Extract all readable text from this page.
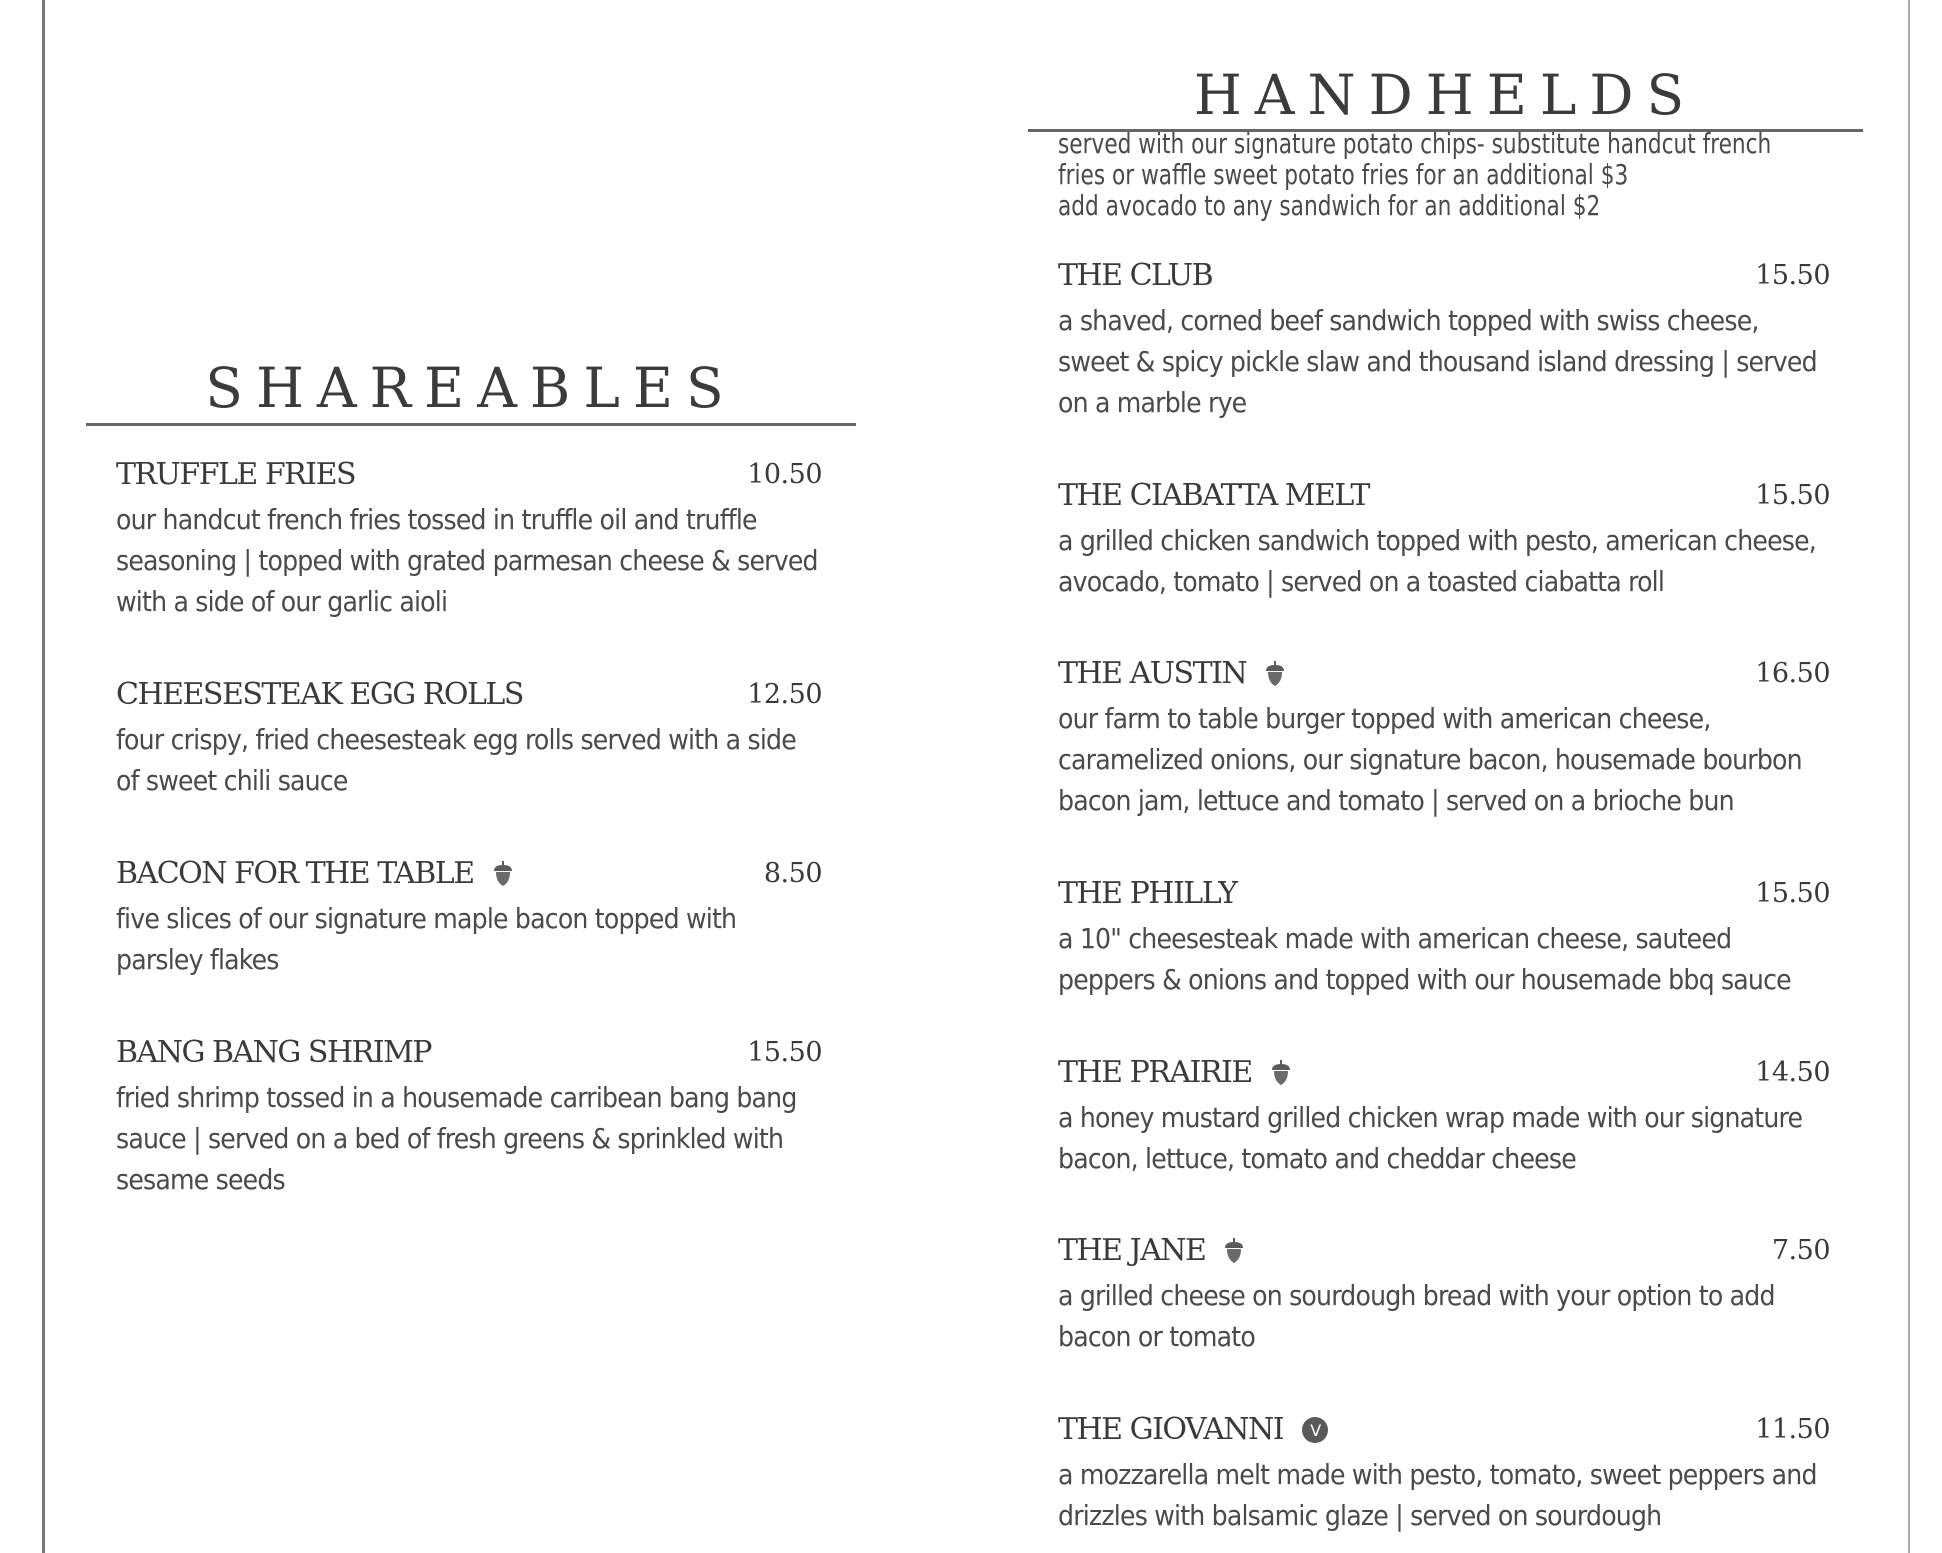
SHAREABLES
TRUFFLE FRIES	10.50
our handcut french fries tossed in truffle oil and truffle seasoning | topped with grated parmesan cheese & served with a side of our garlic aioli
CHEESESTEAK EGG ROLLS	12.50
four crispy, fried cheesesteak egg rolls served with a side of sweet chili sauce
BACON FOR THE TABLE	8.50
five slices of our signature maple bacon topped with parsley flakes
BANG BANG SHRIMP	15.50
fried shrimp tossed in a housemade carribean bang bang sauce | served on a bed of fresh greens & sprinkled with sesame seeds
HANDHELDS
served with our signature potato chips- substitute handcut french
fries or waffle sweet potato fries for an additional $3
add avocado to any sandwich for an additional $2
THE CLUB	15.50
a shaved, corned beef sandwich topped with swiss cheese, sweet & spicy pickle slaw and thousand island dressing | served on a marble rye
THE CIABATTA MELT	15.50
a grilled chicken sandwich topped with pesto, american cheese, avocado, tomato | served on a toasted ciabatta roll
THE AUSTIN	16.50
our farm to table burger topped with american cheese, caramelized onions, our signature bacon, housemade bourbon bacon jam, lettuce and tomato | served on a brioche bun
THE PHILLY	15.50
a 10" cheesesteak made with american cheese, sauteed peppers & onions and topped with our housemade bbq sauce
THE PRAIRIE	14.50
a honey mustard grilled chicken wrap made with our signature bacon, lettuce, tomato and cheddar cheese
THE JANE	7.50
a grilled cheese on sourdough bread with your option to add bacon or tomato
THE GIOVANNI V	11.50
a mozzarella melt made with pesto, tomato, sweet peppers and drizzles with balsamic glaze | served on sourdough
